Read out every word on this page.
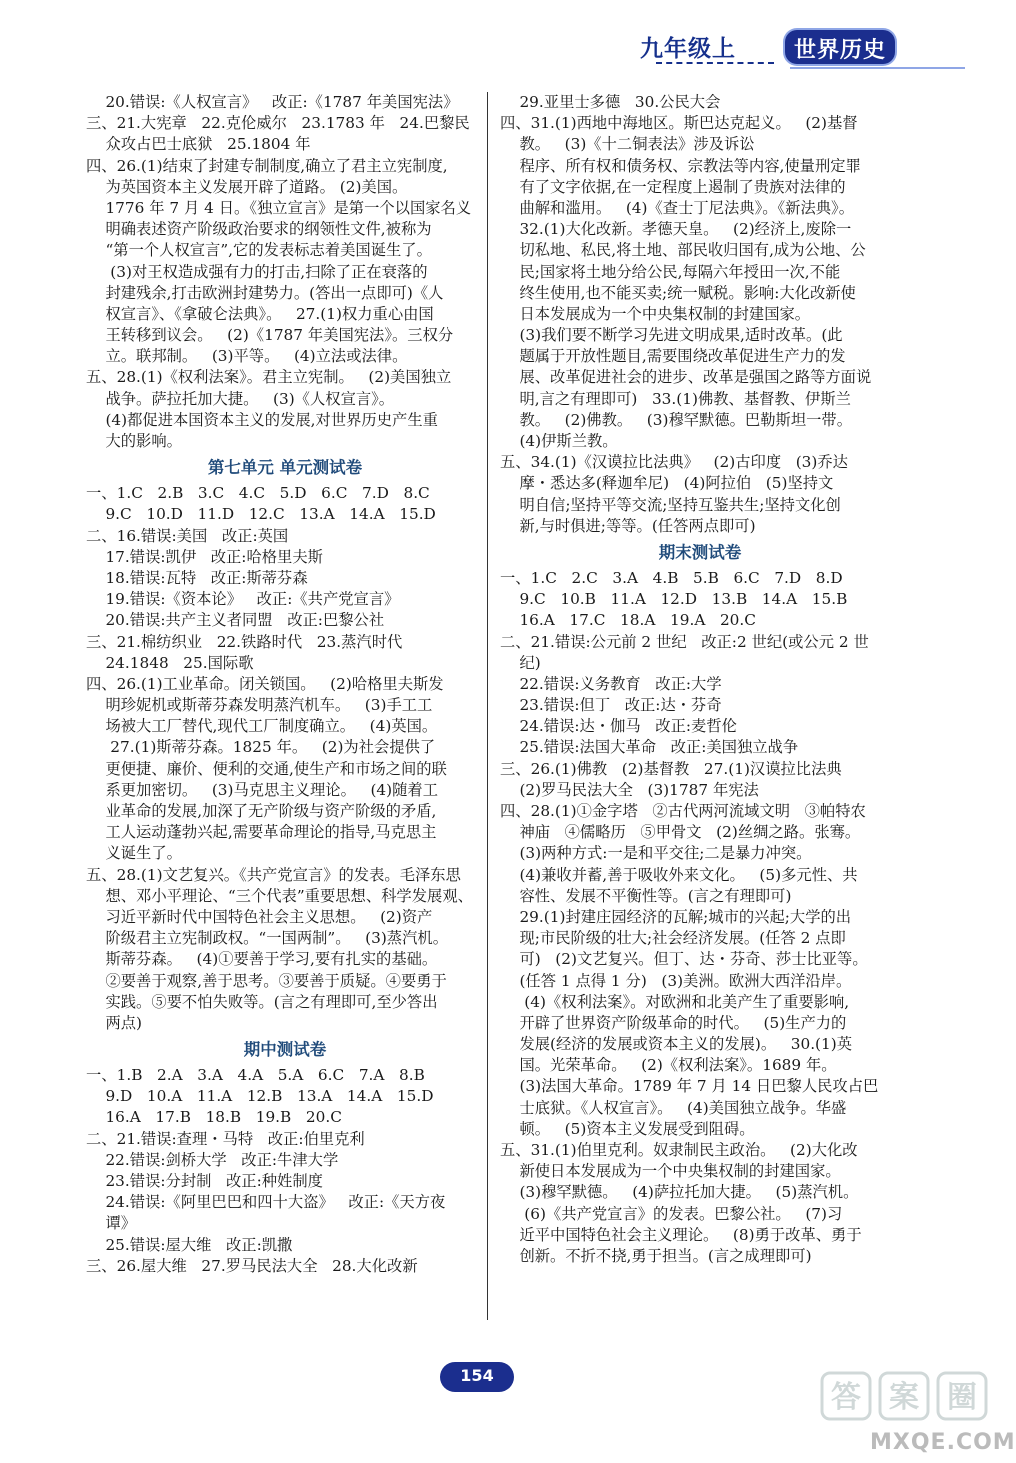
九年级上	世界历史
20.错误:《人权宣言》   改正:《1787 年美国宪法》
三、21.大宪章   22.克伦威尔   23.1783 年   24.巴黎民
众攻占巴士底狱   25.1804 年
四、26.(1)结束了封建专制制度,确立了君主立宪制度,
为英国资本主义发展开辟了道路。 (2)美国。
1776 年 7 月 4 日。《独立宣言》是第一个以国家名义
明确表述资产阶级政治要求的纲领性文件,被称为
“第一个人权宣言”,它的发表标志着美国诞生了。
(3)对王权造成强有力的打击,扫除了正在衰落的
封建残余,打击欧洲封建势力。(答出一点即可)《人
权宣言》、《拿破仑法典》。   27.(1)权力重心由国
王转移到议会。   (2)《1787 年美国宪法》。三权分
立。联邦制。   (3)平等。   (4)立法或法律。
五、28.(1)《权利法案》。君主立宪制。   (2)美国独立
战争。萨拉托加大捷。   (3)《人权宣言》。
(4)都促进本国资本主义的发展,对世界历史产生重
大的影响。
第七单元 单元测试卷
一、1.C   2.B   3.C   4.C   5.D   6.C   7.D   8.C
9.C   10.D   11.D   12.C   13.A   14.A   15.D
二、16.错误:美国   改正:英国
17.错误:凯伊   改正:哈格里夫斯
18.错误:瓦特   改正:斯蒂芬森
19.错误:《资本论》   改正:《共产党宣言》
20.错误:共产主义者同盟   改正:巴黎公社
三、21.棉纺织业   22.铁路时代   23.蒸汽时代
24.1848   25.国际歌
四、26.(1)工业革命。闭关锁国。   (2)哈格里夫斯发
明珍妮机或斯蒂芬森发明蒸汽机车。   (3)手工工
场被大工厂替代,现代工厂制度确立。   (4)英国。
27.(1)斯蒂芬森。1825 年。   (2)为社会提供了
更便捷、廉价、便利的交通,使生产和市场之间的联
系更加密切。   (3)马克思主义理论。   (4)随着工
业革命的发展,加深了无产阶级与资产阶级的矛盾,
工人运动蓬勃兴起,需要革命理论的指导,马克思主
义诞生了。
五、28.(1)文艺复兴。《共产党宣言》的发表。毛泽东思
想、邓小平理论、“三个代表”重要思想、科学发展观、
习近平新时代中国特色社会主义思想。   (2)资产
阶级君主立宪制政权。“一国两制”。   (3)蒸汽机。
斯蒂芬森。   (4)①要善于学习,要有扎实的基础。
②要善于观察,善于思考。③要善于质疑。④要勇于
实践。⑤要不怕失败等。(言之有理即可,至少答出
两点)
期中测试卷
一、1.B   2.A   3.A   4.A   5.A   6.C   7.A   8.B
9.D   10.A   11.A   12.B   13.A   14.A   15.D
16.A   17.B   18.B   19.B   20.C
二、21.错误:查理・马特   改正:伯里克利
22.错误:剑桥大学   改正:牛津大学
23.错误:分封制   改正:种姓制度
24.错误:《阿里巴巴和四十大盗》   改正:《天方夜
谭》
25.错误:屋大维   改正:凯撒
三、26.屋大维   27.罗马民法大全   28.大化改新
29.亚里士多德   30.公民大会
四、31.(1)西地中海地区。斯巴达克起义。   (2)基督
教。   (3)《十二铜表法》涉及诉讼
程序、所有权和债务权、宗教法等内容,使量刑定罪
有了文字依据,在一定程度上遏制了贵族对法律的
曲解和滥用。   (4)《查士丁尼法典》。《新法典》。
32.(1)大化改新。孝德天皇。   (2)经济上,废除一
切私地、私民,将土地、部民收归国有,成为公地、公
民;国家将土地分给公民,每隔六年授田一次,不能
终生使用,也不能买卖;统一赋税。影响:大化改新使
日本发展成为一个中央集权制的封建国家。
(3)我们要不断学习先进文明成果,适时改革。(此
题属于开放性题目,需要围绕改革促进生产力的发
展、改革促进社会的进步、改革是强国之路等方面说
明,言之有理即可)   33.(1)佛教、基督教、伊斯兰
教。   (2)佛教。   (3)穆罕默德。巴勒斯坦一带。
(4)伊斯兰教。
五、34.(1)《汉谟拉比法典》   (2)古印度   (3)乔达
摩・悉达多(释迦牟尼)   (4)阿拉伯   (5)坚持文
明自信;坚持平等交流;坚持互鉴共生;坚持文化创
新,与时俱进;等等。(任答两点即可)
期末测试卷
一、1.C   2.C   3.A   4.B   5.B   6.C   7.D   8.D
9.C   10.B   11.A   12.D   13.B   14.A   15.B
16.A   17.C   18.A   19.A   20.C
二、21.错误:公元前 2 世纪   改正:2 世纪(或公元 2 世
纪)
22.错误:义务教育   改正:大学
23.错误:但丁   改正:达・芬奇
24.错误:达・伽马   改正:麦哲伦
25.错误:法国大革命   改正:美国独立战争
三、26.(1)佛教   (2)基督教   27.(1)汉谟拉比法典
(2)罗马民法大全   (3)1787 年宪法
四、28.(1)①金字塔   ②古代两河流域文明   ③帕特农
神庙   ④儒略历   ⑤甲骨文   (2)丝绸之路。张骞。
(3)两种方式:一是和平交往;二是暴力冲突。
(4)兼收并蓄,善于吸收外来文化。   (5)多元性、共
容性、发展不平衡性等。(言之有理即可)
29.(1)封建庄园经济的瓦解;城市的兴起;大学的出
现;市民阶级的壮大;社会经济发展。(任答 2 点即
可)   (2)文艺复兴。但丁、达・芬奇、莎士比亚等。
(任答 1 点得 1 分)   (3)美洲。欧洲大西洋沿岸。
(4)《权利法案》。对欧洲和北美产生了重要影响,
开辟了世界资产阶级革命的时代。   (5)生产力的
发展(经济的发展或资本主义的发展)。   30.(1)英
国。光荣革命。   (2)《权利法案》。1689 年。
(3)法国大革命。1789 年 7 月 14 日巴黎人民攻占巴
士底狱。《人权宣言》。   (4)美国独立战争。华盛
顿。   (5)资本主义发展受到阻碍。
五、31.(1)伯里克利。奴隶制民主政治。   (2)大化改
新使日本发展成为一个中央集权制的封建国家。
(3)穆罕默德。   (4)萨拉托加大捷。   (5)蒸汽机。
(6)《共产党宣言》的发表。巴黎公社。   (7)习
近平中国特色社会主义理论。   (8)勇于改革、勇于
创新。不折不挠,勇于担当。(言之成理即可)
154
答 案 圈
MXQE.COM
